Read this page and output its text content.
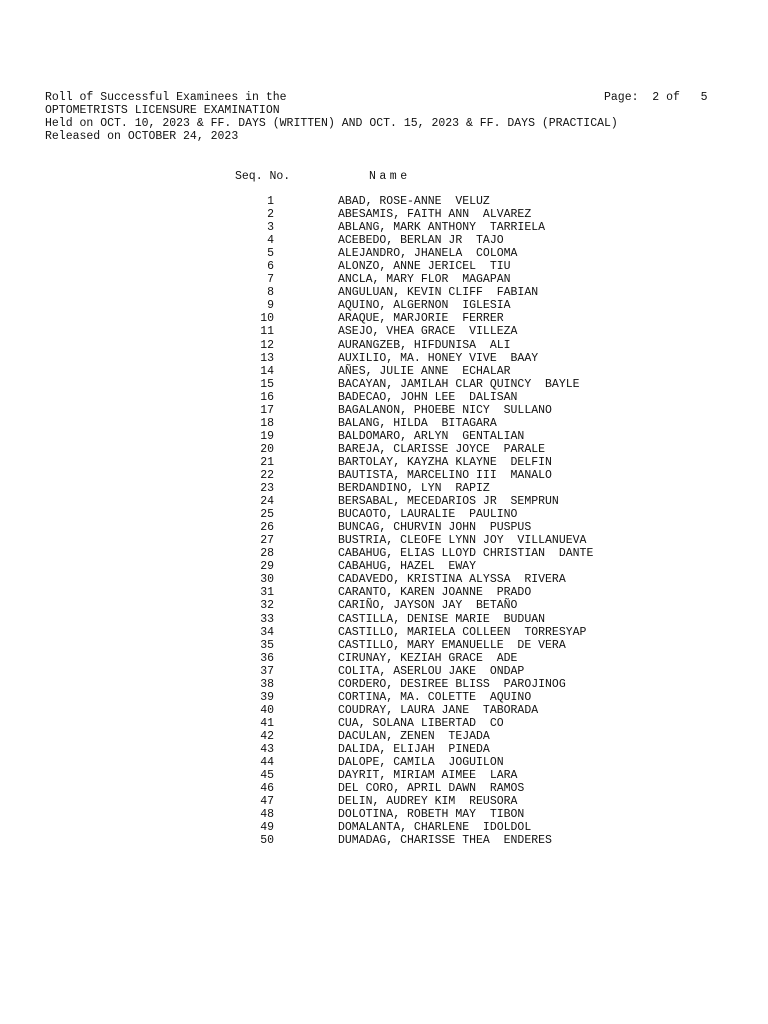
Roll of Successful Examinees in the	Page:  2 of   5
OPTOMETRISTS LICENSURE EXAMINATION
Held on OCT. 10, 2023 & FF. DAYS (WRITTEN) AND OCT. 15, 2023 & FF. DAYS (PRACTICAL)
Released on OCTOBER 24, 2023
Seq. No.	Name
1	ABAD, ROSE-ANNE  VELUZ
2	ABESAMIS, FAITH ANN  ALVAREZ
3	ABLANG, MARK ANTHONY  TARRIELA
4	ACEBEDO, BERLAN JR  TAJO
5	ALEJANDRO, JHANELA  COLOMA
6	ALONZO, ANNE JERICEL  TIU
7	ANCLA, MARY FLOR  MAGAPAN
8	ANGULUAN, KEVIN CLIFF  FABIAN
9	AQUINO, ALGERNON  IGLESIA
10	ARAQUE, MARJORIE  FERRER
11	ASEJO, VHEA GRACE  VILLEZA
12	AURANGZEB, HIFDUNISA  ALI
13	AUXILIO, MA. HONEY VIVE  BAAY
14	AÑES, JULIE ANNE  ECHALAR
15	BACAYAN, JAMILAH CLAR QUINCY  BAYLE
16	BADECAO, JOHN LEE  DALISAN
17	BAGALANON, PHOEBE NICY  SULLANO
18	BALANG, HILDA  BITAGARA
19	BALDOMARO, ARLYN  GENTALIAN
20	BAREJA, CLARISSE JOYCE  PARALE
21	BARTOLAY, KAYZHA KLAYNE  DELFIN
22	BAUTISTA, MARCELINO III  MANALO
23	BERDANDINO, LYN  RAPIZ
24	BERSABAL, MECEDARIOS JR  SEMPRUN
25	BUCAOTO, LAURALIE  PAULINO
26	BUNCAG, CHURVIN JOHN  PUSPUS
27	BUSTRIA, CLEOFE LYNN JOY  VILLANUEVA
28	CABAHUG, ELIAS LLOYD CHRISTIAN  DANTE
29	CABAHUG, HAZEL  EWAY
30	CADAVEDO, KRISTINA ALYSSA  RIVERA
31	CARANTO, KAREN JOANNE  PRADO
32	CARIÑO, JAYSON JAY  BETAÑO
33	CASTILLA, DENISE MARIE  BUDUAN
34	CASTILLO, MARIELA COLLEEN  TORRESYAP
35	CASTILLO, MARY EMANUELLE  DE VERA
36	CIRUNAY, KEZIAH GRACE  ADE
37	COLITA, ASERLOU JAKE  ONDAP
38	CORDERO, DESIREE BLISS  PAROJINOG
39	CORTINA, MA. COLETTE  AQUINO
40	COUDRAY, LAURA JANE  TABORADA
41	CUA, SOLANA LIBERTAD  CO
42	DACULAN, ZENEN  TEJADA
43	DALIDA, ELIJAH  PINEDA
44	DALOPE, CAMILA  JOGUILON
45	DAYRIT, MIRIAM AIMEE  LARA
46	DEL CORO, APRIL DAWN  RAMOS
47	DELIN, AUDREY KIM  REUSORA
48	DOLOTINA, ROBETH MAY  TIBON
49	DOMALANTA, CHARLENE  IDOLDOL
50	DUMADAG, CHARISSE THEA  ENDERES
